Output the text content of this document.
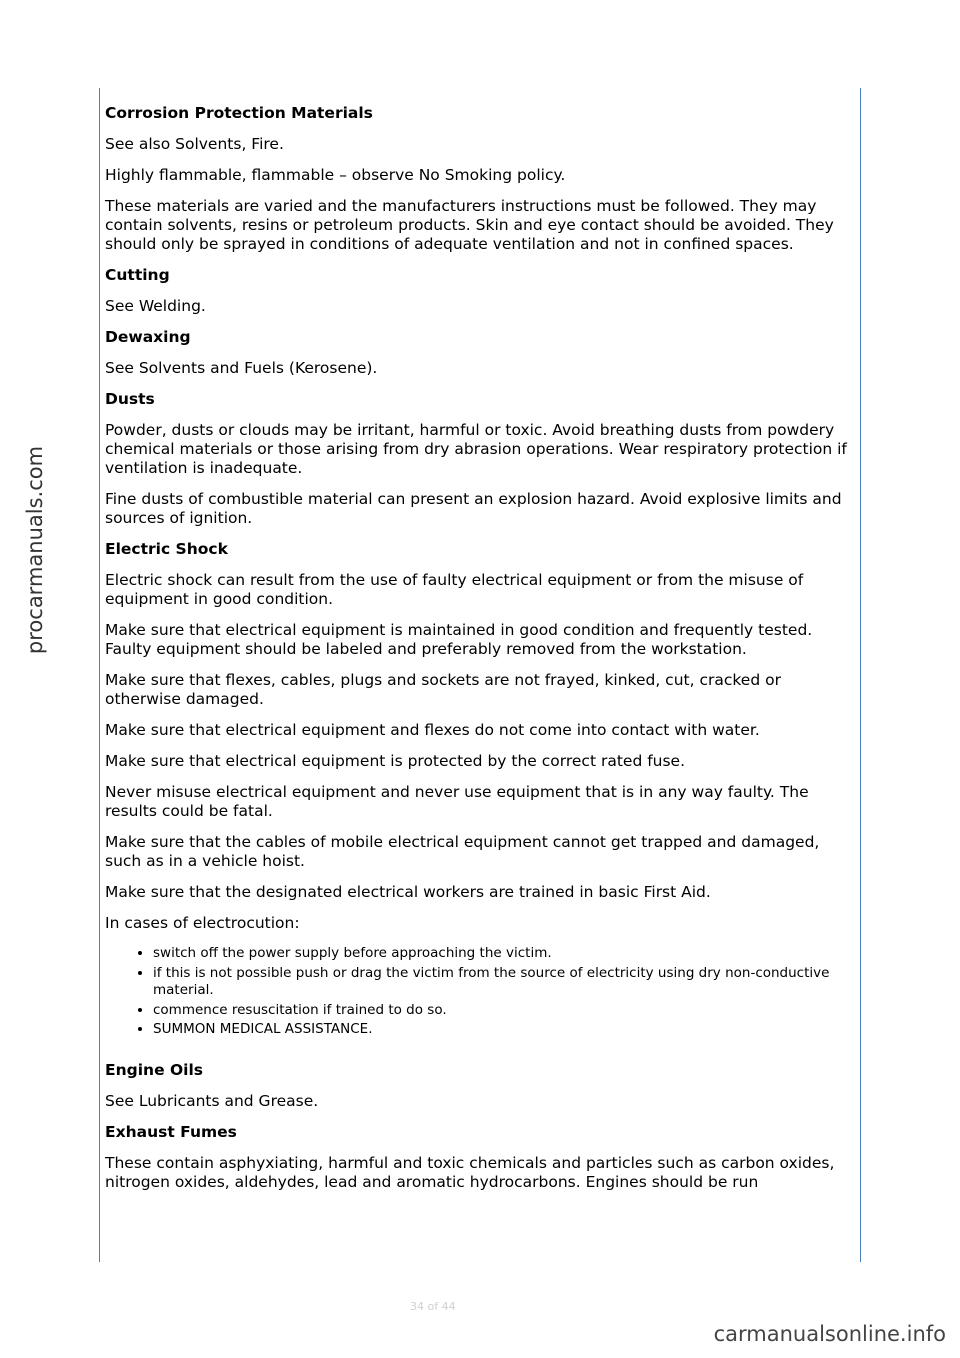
procarmanuals.com
Corrosion Protection Materials

See also Solvents, Fire.

Highly flammable, flammable – observe No Smoking policy.

These materials are varied and the manufacturers instructions must be followed. They may contain solvents, resins or petroleum products. Skin and eye contact should be avoided. They should only be sprayed in conditions of adequate ventilation and not in confined spaces.

Cutting

See Welding.

Dewaxing

See Solvents and Fuels (Kerosene).

Dusts

Powder, dusts or clouds may be irritant, harmful or toxic. Avoid breathing dusts from powdery chemical materials or those arising from dry abrasion operations. Wear respiratory protection if ventilation is inadequate.

Fine dusts of combustible material can present an explosion hazard. Avoid explosive limits and sources of ignition.

Electric Shock

Electric shock can result from the use of faulty electrical equipment or from the misuse of equipment in good condition.

Make sure that electrical equipment is maintained in good condition and frequently tested. Faulty equipment should be labeled and preferably removed from the workstation.

Make sure that flexes, cables, plugs and sockets are not frayed, kinked, cut, cracked or otherwise damaged.

Make sure that electrical equipment and flexes do not come into contact with water.

Make sure that electrical equipment is protected by the correct rated fuse.

Never misuse electrical equipment and never use equipment that is in any way faulty. The results could be fatal.

Make sure that the cables of mobile electrical equipment cannot get trapped and damaged, such as in a vehicle hoist.

Make sure that the designated electrical workers are trained in basic First Aid.

In cases of electrocution:

• switch off the power supply before approaching the victim.
• if this is not possible push or drag the victim from the source of electricity using dry non-conductive material.
• commence resuscitation if trained to do so.
• SUMMON MEDICAL ASSISTANCE.
Engine Oils

See Lubricants and Grease.

Exhaust Fumes

These contain asphyxiating, harmful and toxic chemicals and particles such as carbon oxides, nitrogen oxides, aldehydes, lead and aromatic hydrocarbons. Engines should be run

34 of 44
carmanualsonline.info
